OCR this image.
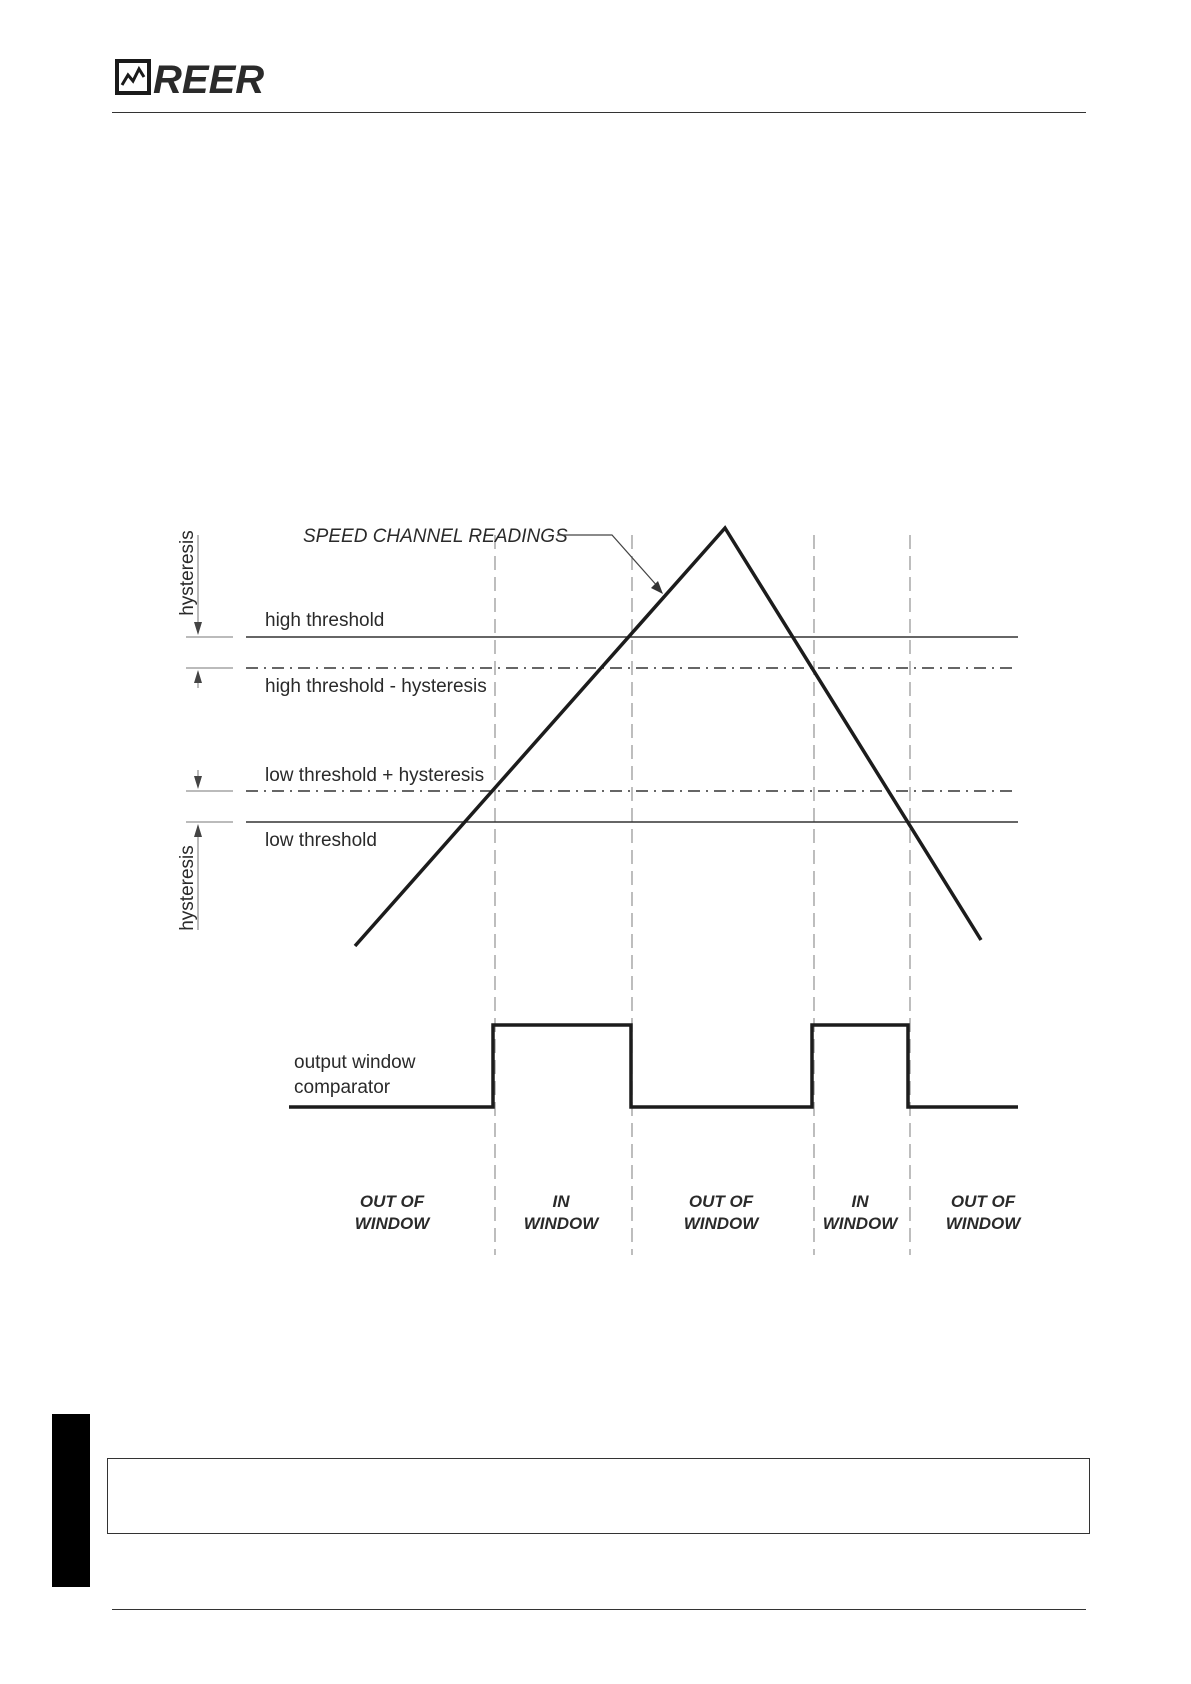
REER
hysteresis
hysteresis
high threshold
high threshold - hysteresis
low threshold + hysteresis
low threshold
SPEED CHANNEL READINGS
output window
comparator
OUT OF
WINDOW
IN
WINDOW
OUT OF
WINDOW
IN
WINDOW
OUT OF
WINDOW
